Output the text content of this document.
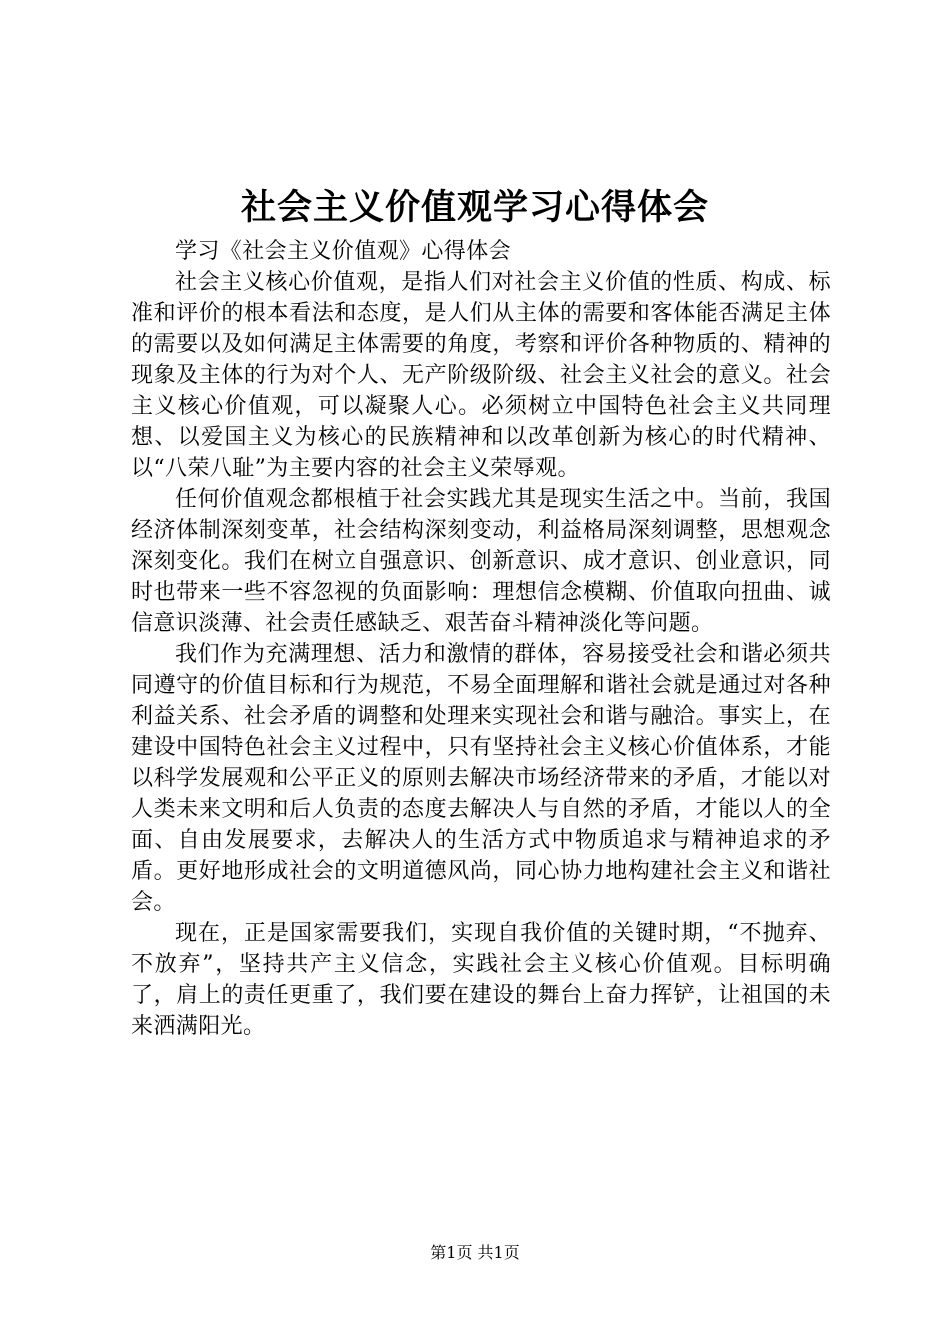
社会主义价值观学习心得体会

学习《社会主义价值观》心得体会

社会主义核心价值观，是指人们对社会主义价值的性质、构成、标准和评价的根本看法和态度，是人们从主体的需要和客体能否满足主体的需要以及如何满足主体需要的角度，考察和评价各种物质的、精神的现象及主体的行为对个人、无产阶级阶级、社会主义社会的意义。社会主义核心价值观，可以凝聚人心。必须树立中国特色社会主义共同理想、以爱国主义为核心的民族精神和以改革创新为核心的时代精神、以“八荣八耻”为主要内容的社会主义荣辱观。

任何价值观念都根植于社会实践尤其是现实生活之中。当前，我国经济体制深刻变革，社会结构深刻变动，利益格局深刻调整，思想观念深刻变化。我们在树立自强意识、创新意识、成才意识、创业意识，同时也带来一些不容忽视的负面影响：理想信念模糊、价值取向扭曲、诚信意识淡薄、社会责任感缺乏、艰苦奋斗精神淡化等问题。

我们作为充满理想、活力和激情的群体，容易接受社会和谐必须共同遵守的价值目标和行为规范，不易全面理解和谐社会就是通过对各种利益关系、社会矛盾的调整和处理来实现社会和谐与融洽。事实上，在建设中国特色社会主义过程中，只有坚持社会主义核心价值体系，才能以科学发展观和公平正义的原则去解决市场经济带来的矛盾，才能以对人类未来文明和后人负责的态度去解决人与自然的矛盾，才能以人的全面、自由发展要求，去解决人的生活方式中物质追求与精神追求的矛盾。更好地形成社会的文明道德风尚，同心协力地构建社会主义和谐社会。

现在，正是国家需要我们，实现自我价值的关键时期，“不抛弃、不放弃”，坚持共产主义信念，实践社会主义核心价值观。目标明确了，肩上的责任更重了，我们要在建设的舞台上奋力挥铲，让祖国的未来洒满阳光。

第1页 共1页
